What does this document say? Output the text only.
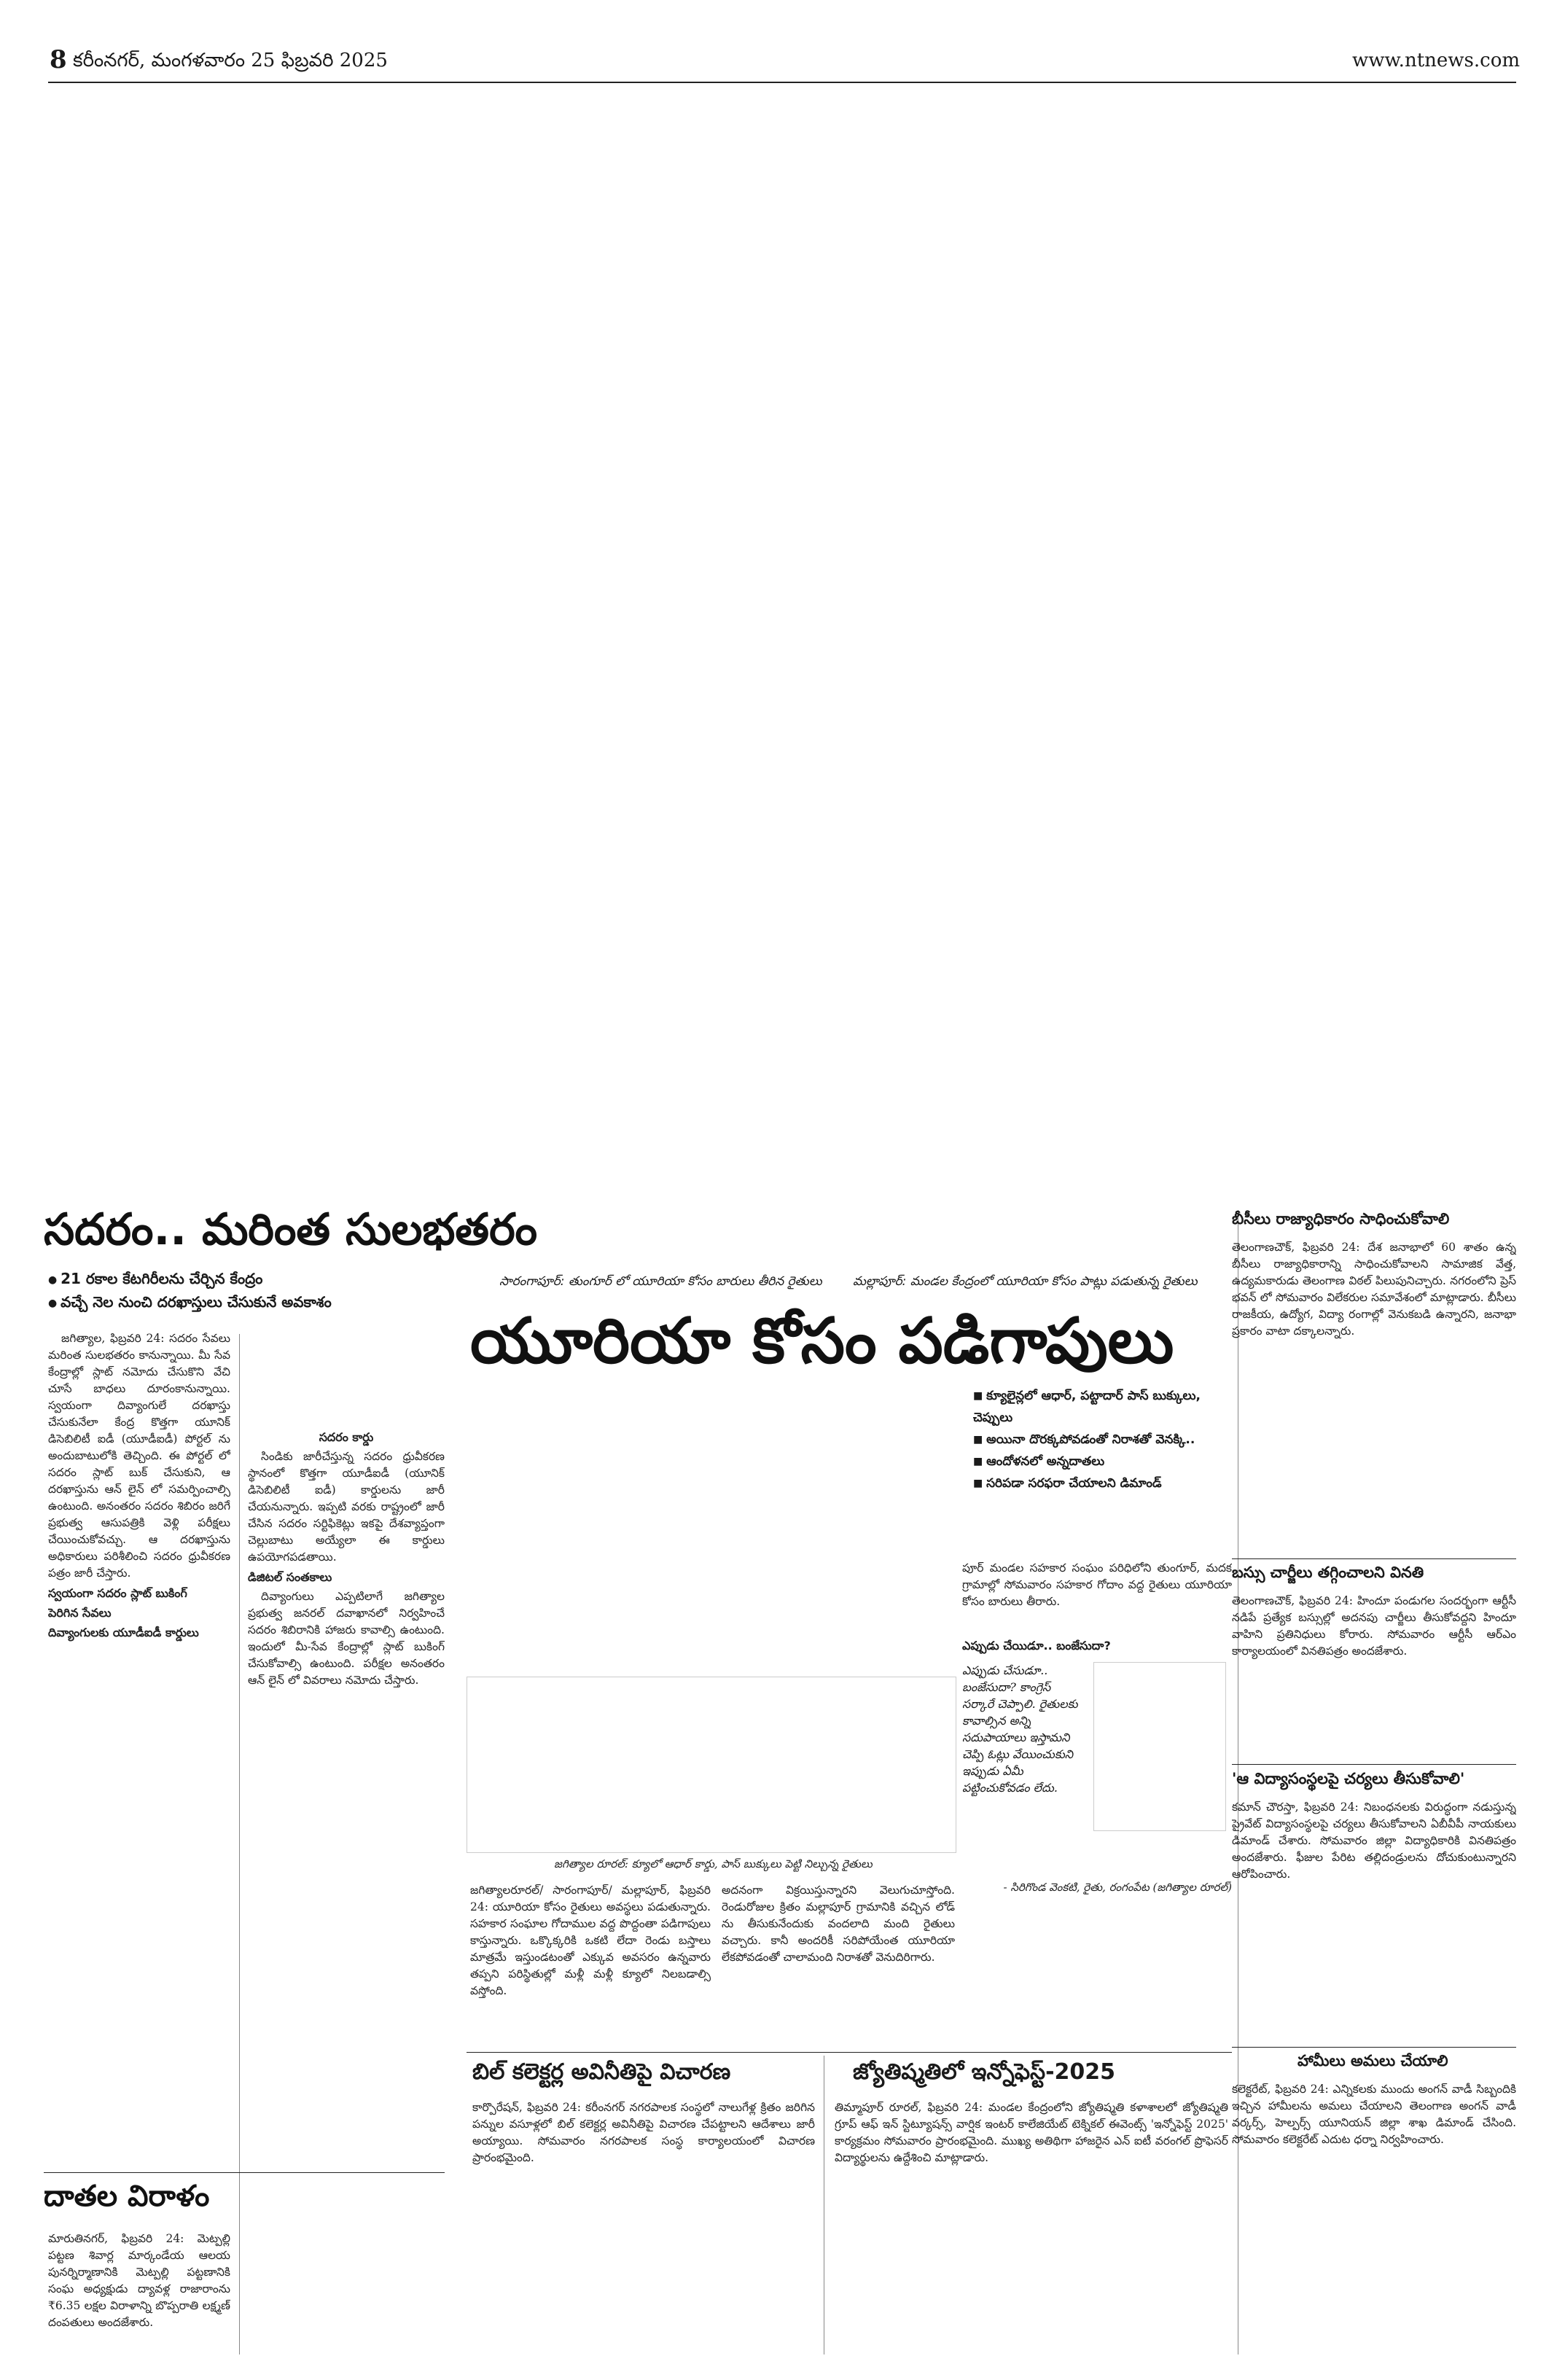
8 కరీంనగర్, మంగళవారం 25 ఫిబ్రవరి 2025	www.ntnews.com
సదరం.. మరింత సులభతరం
● 21 రకాల కేటగిరీలను చేర్చిన కేంద్రం
● వచ్చే నెల నుంచి దరఖాస్తులు చేసుకునే అవకాశం

జగిత్యాల, ఫిబ్రవరి 24: సదరం సేవలు మరింత సులభతరం కానున్నాయి. మీ సేవ కేంద్రాల్లో స్లాట్ నమోదు చేసుకొని వేచి చూసే బాధలు దూరంకానున్నాయి. స్వయంగా దివ్యాంగులే దరఖాస్తు చేసుకునేలా కేంద్ర కొత్తగా యూనిక్ డిసెబిలిటీ ఐడీ (యూడీఐడీ) పోర్టల్ ను అందుబాటులోకి తెచ్చింది. ఈ పోర్టల్ లో సదరం స్లాట్ బుక్ చేసుకుని, ఆ దరఖాస్తును ఆన్ లైన్ లో సమర్పించాల్సి ఉంటుంది. అనంతరం సదరం శిబిరం జరిగే ప్రభుత్వ ఆసుపత్రికి వెళ్లి పరీక్షలు చేయించుకోవచ్చు. ఆ దరఖాస్తును అధికారులు పరిశీలించి సదరం ధ్రువీకరణ పత్రం జారీ చేస్తారు.

స్వయంగా సదరం స్లాట్ బుకింగ్

పెరిగిన సేవలు

దివ్యాంగులకు యూడీఐడీ కార్డులు

సదరం కార్డు

సిండికు జారీచేస్తున్న సదరం ధ్రువీకరణ స్థానంలో కొత్తగా యూడీఐడీ (యూనిక్ డిసెబిలిటీ ఐడీ) కార్డులను జారీ చేయనున్నారు. ఇప్పటి వరకు రాష్ట్రంలో జారీ చేసిన సదరం సర్టిఫికెట్లు ఇకపై దేశవ్యాప్తంగా చెల్లుబాటు అయ్యేలా ఈ కార్డులు ఉపయోగపడతాయి.

డిజిటల్ సంతకాలు

దివ్యాంగులు ఎప్పటిలాగే జగిత్యాల ప్రభుత్వ జనరల్ దవాఖానలో నిర్వహించే సదరం శిబిరానికి హాజరు కావాల్సి ఉంటుంది. ఇందులో మీ-సేవ కేంద్రాల్లో స్లాట్ బుకింగ్ చేసుకోవాల్సి ఉంటుంది. పరీక్షల అనంతరం ఆన్ లైన్ లో వివరాలు నమోదు చేస్తారు.

దాతల విరాళం
మారుతినగర్, ఫిబ్రవరి 24: మెట్పల్లి పట్టణ శివార్ల మార్కండేయ ఆలయ పునర్నిర్మాణానికి మెట్పల్లి పట్టణానికి సంఘ అధ్యక్షుడు ద్యావళ్ల రాజారాంను ₹6.35 లక్షల విరాళాన్ని బొప్పరాతి లక్ష్మణ్ దంపతులు అందజేశారు.
సారంగాపూర్: తుంగూర్ లో యూరియా కోసం బారులు తీరిన రైతులు	మల్లాపూర్: మండల కేంద్రంలో యూరియా కోసం పాట్లు పడుతున్న రైతులు
యూరియా కోసం పడిగాపులు
■ క్యూలైన్లలో ఆధార్, పట్టాదార్ పాస్ బుక్కులు, చెప్పులు
■ అయినా దొరక్కపోవడంతో నిరాశతో వెనక్కి..
■ ఆందోళనలో అన్నదాతలు
■ సరిపడా సరఫరా చేయాలని డిమాండ్
పూర్ మండల సహకార సంఘం పరిధిలోని తుంగూర్, మదక గ్రామాల్లో సోమవారం సహకార గోదాం వద్ద రైతులు యూరియా కోసం బారులు తీరారు.
ఎప్పుడు చేయిడూ.. బంజేసుదా?
ఎప్పుడు చేసుడూ.. బంజేసుదా? కాంగ్రెస్ సర్కారే చెప్పాలి. రైతులకు కావాల్సిన అన్ని సదుపాయాలు ఇస్తామని చెప్పి ఓట్లు వేయించుకుని ఇప్పుడు ఏమీ పట్టించుకోవడం లేదు.
- సిరిగొండ వెంకటి, రైతు, రంగంపేట (జగిత్యాల రూరల్)
జగిత్యాల రూరల్: క్యూలో ఆధార్ కార్డు, పాస్ బుక్కులు పెట్టి నిల్చున్న రైతులు
జగిత్యాలరూరల్/ సారంగాపూర్/ మల్లాపూర్, ఫిబ్రవరి 24: యూరియా కోసం రైతులు అవస్థలు పడుతున్నారు. సహకార సంఘాల గోదాముల వద్ద పొద్దంతా పడిగాపులు కాస్తున్నారు. ఒక్కొక్కరికి ఒకటి లేదా రెండు బస్తాలు మాత్రమే ఇస్తుండటంతో ఎక్కువ అవసరం ఉన్నవారు తప్పని పరిస్థితుల్లో మళ్లీ మళ్లీ క్యూలో నిలబడాల్సి వస్తోంది.
అదనంగా విక్రయిస్తున్నారని వెలుగుచూస్తోంది. రెండురోజుల క్రితం మల్లాపూర్ గ్రామానికి వచ్చిన లోడ్ ను తీసుకునేందుకు వందలాది మంది రైతులు వచ్చారు. కానీ అందరికీ సరిపోయేంత యూరియా లేకపోవడంతో చాలామంది నిరాశతో వెనుదిరిగారు.
బిల్ కలెక్టర్ల అవినీతిపై విచారణ
కార్పొరేషన్, ఫిబ్రవరి 24: కరీంనగర్ నగరపాలక సంస్థలో నాలుగేళ్ల క్రితం జరిగిన పన్నుల వసూళ్లలో బిల్ కలెక్టర్ల అవినీతిపై విచారణ చేపట్టాలని ఆదేశాలు జారీ అయ్యాయి. సోమవారం నగరపాలక సంస్థ కార్యాలయంలో విచారణ ప్రారంభమైంది.
జ్యోతిష్మతిలో ఇన్నోఫెస్ట్-2025
తిమ్మాపూర్ రూరల్, ఫిబ్రవరి 24: మండల కేంద్రంలోని జ్యోతిష్మతి కళాశాలలో జ్యోతిష్మతి గ్రూప్ ఆఫ్ ఇన్ స్టిట్యూషన్స్ వార్షిక ఇంటర్ కాలేజియేట్ టెక్నికల్ ఈవెంట్స్ 'ఇన్నోఫెస్ట్ 2025' కార్యక్రమం సోమవారం ప్రారంభమైంది. ముఖ్య అతిథిగా హాజరైన ఎన్ ఐటీ వరంగల్ ప్రొఫెసర్ విద్యార్థులను ఉద్దేశించి మాట్లాడారు.
బీసీలు రాజ్యాధికారం సాధించుకోవాలి
తెలంగాణచౌక్, ఫిబ్రవరి 24: దేశ జనాభాలో 60 శాతం ఉన్న బీసీలు రాజ్యాధికారాన్ని సాధించుకోవాలని సామాజిక వేత్త, ఉద్యమకారుడు తెలంగాణ విఠల్ పిలుపునిచ్చారు. నగరంలోని ప్రెస్ భవన్ లో సోమవారం విలేకరుల సమావేశంలో మాట్లాడారు. బీసీలు రాజకీయ, ఉద్యోగ, విద్యా రంగాల్లో వెనుకబడి ఉన్నారని, జనాభా ప్రకారం వాటా దక్కాలన్నారు.
బస్సు చార్జీలు తగ్గించాలని వినతి
తెలంగాణచౌక్, ఫిబ్రవరి 24: హిందూ పండుగల సందర్భంగా ఆర్టీసీ నడిపే ప్రత్యేక బస్సుల్లో అదనపు చార్జీలు తీసుకోవద్దని హిందూ వాహిని ప్రతినిధులు కోరారు. సోమవారం ఆర్టీసీ ఆర్ఎం కార్యాలయంలో వినతిపత్రం అందజేశారు.
'ఆ విద్యాసంస్థలపై చర్యలు తీసుకోవాలి'
కమాన్ చౌరస్తా, ఫిబ్రవరి 24: నిబంధనలకు విరుద్ధంగా నడుస్తున్న ప్రైవేట్ విద్యాసంస్థలపై చర్యలు తీసుకోవాలని ఏబీవీపీ నాయకులు డిమాండ్ చేశారు. సోమవారం జిల్లా విద్యాధికారికి వినతిపత్రం అందజేశారు. ఫీజుల పేరిట తల్లిదండ్రులను దోచుకుంటున్నారని ఆరోపించారు.
హామీలు అమలు చేయాలి
కలెక్టరేట్, ఫిబ్రవరి 24: ఎన్నికలకు ముందు అంగన్ వాడీ సిబ్బందికి ఇచ్చిన హామీలను అమలు చేయాలని తెలంగాణ అంగన్ వాడీ వర్కర్స్, హెల్పర్స్ యూనియన్ జిల్లా శాఖ డిమాండ్ చేసింది. సోమవారం కలెక్టరేట్ ఎదుట ధర్నా నిర్వహించారు.
